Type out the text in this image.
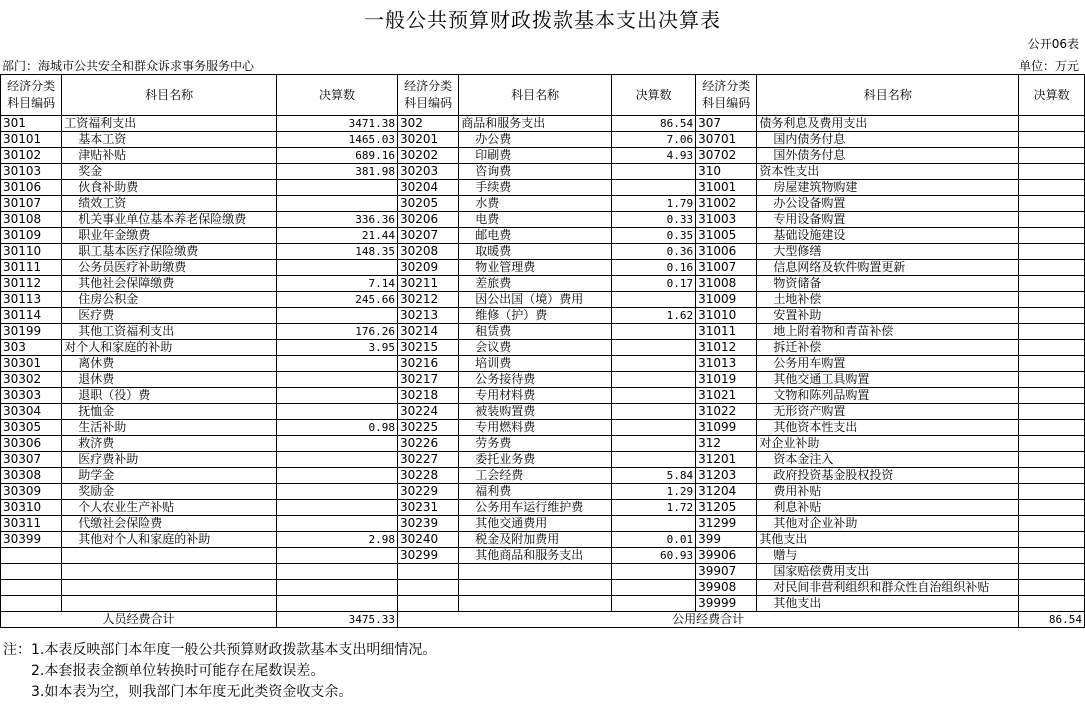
一般公共预算财政拨款基本支出决算表
公开06表
部门：海城市公共安全和群众诉求事务服务中心	单位：万元
经济分类科目编码	科目名称	决算数	经济分类科目编码	科目名称	决算数	经济分类科目编码	科目名称	决算数
301	工资福利支出	3471.38	302	商品和服务支出	86.54	307	债务利息及费用支出	
30101	基本工资	1465.03	30201	办公费	7.06	30701	国内债务付息	
30102	津贴补贴	689.16	30202	印刷费	4.93	30702	国外债务付息	
30103	奖金	381.98	30203	咨询费		310	资本性支出	
30106	伙食补助费		30204	手续费		31001	房屋建筑物购建	
30107	绩效工资		30205	水费	1.79	31002	办公设备购置	
30108	机关事业单位基本养老保险缴费	336.36	30206	电费	0.33	31003	专用设备购置	
30109	职业年金缴费	21.44	30207	邮电费	0.35	31005	基础设施建设	
30110	职工基本医疗保险缴费	148.35	30208	取暖费	0.36	31006	大型修缮	
30111	公务员医疗补助缴费		30209	物业管理费	0.16	31007	信息网络及软件购置更新	
30112	其他社会保障缴费	7.14	30211	差旅费	0.17	31008	物资储备	
30113	住房公积金	245.66	30212	因公出国（境）费用		31009	土地补偿	
30114	医疗费		30213	维修（护）费	1.62	31010	安置补助	
30199	其他工资福利支出	176.26	30214	租赁费		31011	地上附着物和青苗补偿	
303	对个人和家庭的补助	3.95	30215	会议费		31012	拆迁补偿	
30301	离休费		30216	培训费		31013	公务用车购置	
30302	退休费		30217	公务接待费		31019	其他交通工具购置	
30303	退职（役）费		30218	专用材料费		31021	文物和陈列品购置	
30304	抚恤金		30224	被装购置费		31022	无形资产购置	
30305	生活补助	0.98	30225	专用燃料费		31099	其他资本性支出	
30306	救济费		30226	劳务费		312	对企业补助	
30307	医疗费补助		30227	委托业务费		31201	资本金注入	
30308	助学金		30228	工会经费	5.84	31203	政府投资基金股权投资	
30309	奖励金		30229	福利费	1.29	31204	费用补贴	
30310	个人农业生产补贴		30231	公务用车运行维护费	1.72	31205	利息补贴	
30311	代缴社会保险费		30239	其他交通费用		31299	其他对企业补助	
30399	其他对个人和家庭的补助	2.98	30240	税金及附加费用	0.01	399	其他支出	
			30299	其他商品和服务支出	60.93	39906	赠与	
						39907	国家赔偿费用支出	
						39908	对民间非营利组织和群众性自治组织补贴	
						39999	其他支出	
人员经费合计		3475.33	公用经费合计					86.54
注：1.本表反映部门本年度一般公共预算财政拨款基本支出明细情况。
2.本套报表金额单位转换时可能存在尾数误差。
3.如本表为空，则我部门本年度无此类资金收支余。
